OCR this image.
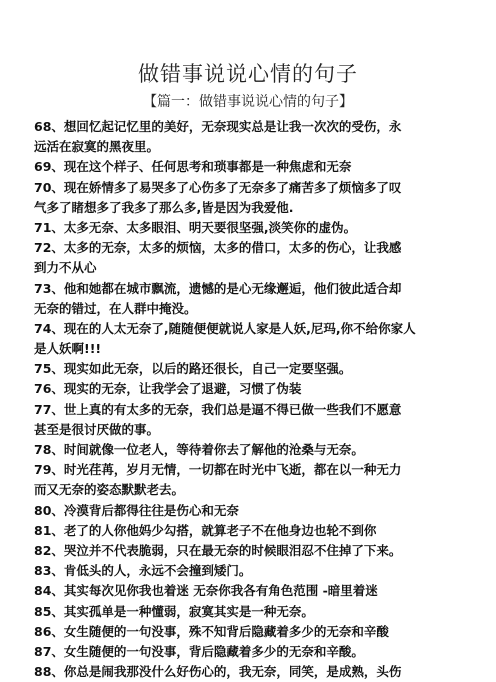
做错事说说心情的句子
【篇一：做错事说说心情的句子】
68、想回忆起记忆里的美好，无奈现实总是让我一次次的受伤，永
远活在寂寞的黑夜里。
69、现在这个样子、任何思考和琐事都是一种焦虑和无奈
70、现在娇情多了易哭多了心伤多了无奈多了痛苦多了烦恼多了叹
气多了睹想多了我多了那么多,皆是因为我爱他.
71、太多无奈、太多眼泪、明天要很坚强,淡笑你的虚伪。
72、太多的无奈，太多的烦恼，太多的借口，太多的伤心，让我感
到力不从心
73、他和她都在城市飘流，遗憾的是心无缘邂逅，他们彼此适合却
无奈的错过，在人群中掩没。
74、现在的人太无奈了,随随便便就说人家是人妖,尼玛,你不给你家人
是人妖啊!!!
75、现实如此无奈，以后的路还很长，自己一定要坚强。
76、现实的无奈，让我学会了退避，习惯了伪装
77、世上真的有太多的无奈，我们总是逼不得已做一些我们不愿意
甚至是很讨厌做的事。
78、时间就像一位老人，等待着你去了解他的沧桑与无奈。
79、时光荏苒，岁月无情，一切都在时光中飞逝，都在以一种无力
而又无奈的姿态默默老去。
80、冷漠背后都得往往是伤心和无奈
81、老了的人你他妈少勾搭，就算老子不在他身边也轮不到你
82、哭泣并不代表脆弱，只在最无奈的时候眼泪忍不住掉了下来。
83、肯低头的人，永远不会撞到矮门。
84、其实每次见你我也着迷 无奈你我各有角色范围 -暗里着迷
85、其实孤单是一种懂弱，寂寞其实是一种无奈。
86、女生随便的一句没事，殊不知背后隐藏着多少的无奈和辛酸
87、女生随便的一句没事，背后隐藏着多少的无奈和辛酸。
88、你总是闹我那没什么好伤心的，我无奈，同笑，是成熟，头伤
